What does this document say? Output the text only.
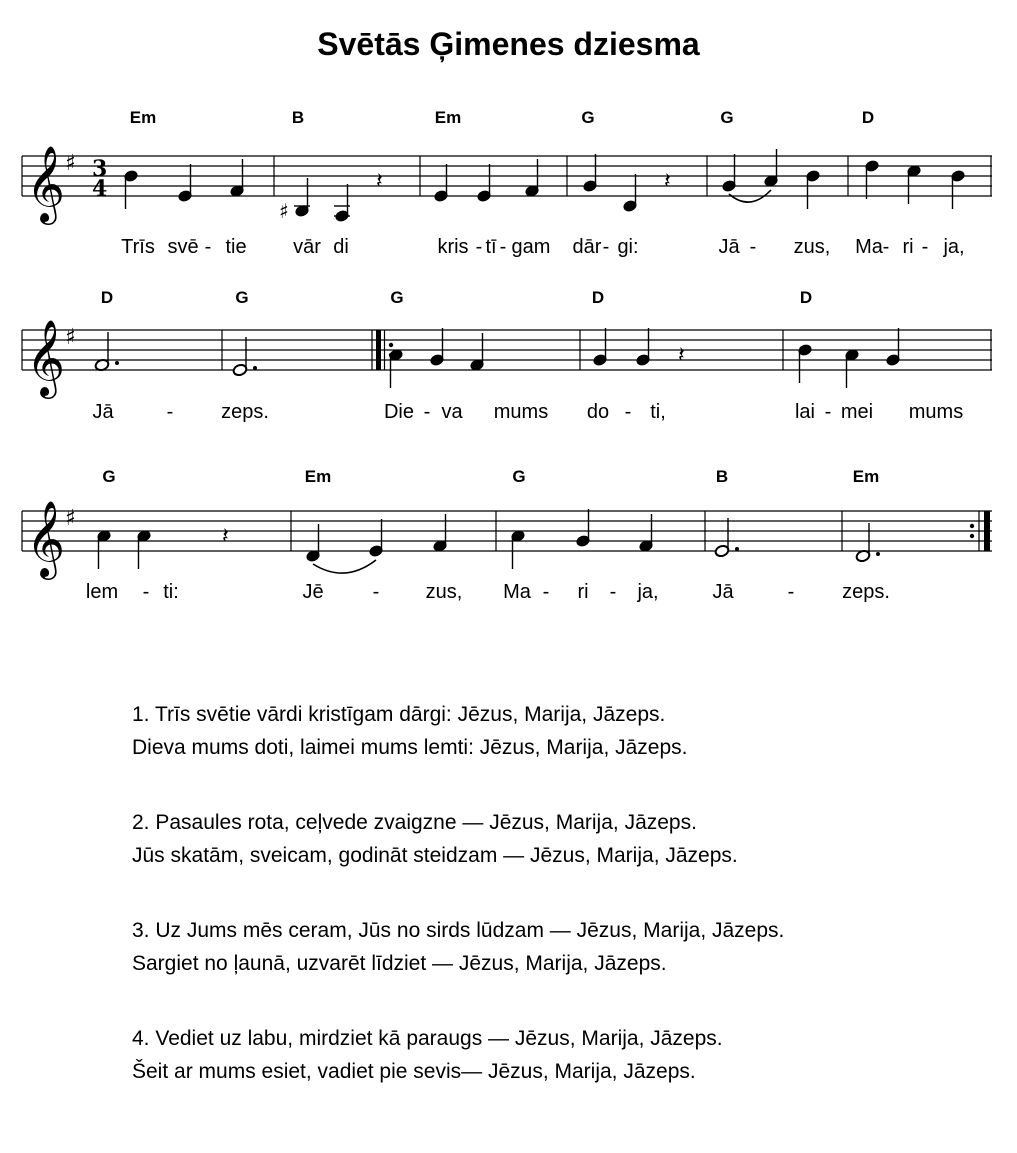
Svētās Ģimenes dziesma
Em	B	Em	G	G	D
𝄞 ♯ 3
4
♯
𝄽	𝄽
Trīs svē - tie vār di	kris - tī - gam dār - gi:	Jā - zus, Ma - ri - ja,
D	G	G	D	D
𝄞 ♯
𝄽
Jā	- zeps.	Die - va mums do - ti,	lai - mei mums
G	Em	G	B	Em
𝄞 ♯
𝄽
lem - ti:	Jē - zus, Ma - ri - ja,	Jā	- zeps.

1. Trīs svētie vārdi kristīgam dārgi: Jēzus, Marija, Jāzeps.

Dieva mums doti, laimei mums lemti: Jēzus, Marija, Jāzeps.

2. Pasaules rota, ceļvede zvaigzne — Jēzus, Marija, Jāzeps.

Jūs skatām, sveicam, godināt steidzam — Jēzus, Marija, Jāzeps.

3. Uz Jums mēs ceram, Jūs no sirds lūdzam — Jēzus, Marija, Jāzeps.

Sargiet no ļaunā, uzvarēt līdziet — Jēzus, Marija, Jāzeps.

4. Vediet uz labu, mirdziet kā paraugs — Jēzus, Marija, Jāzeps.

Šeit ar mums esiet, vadiet pie sevis— Jēzus, Marija, Jāzeps.
